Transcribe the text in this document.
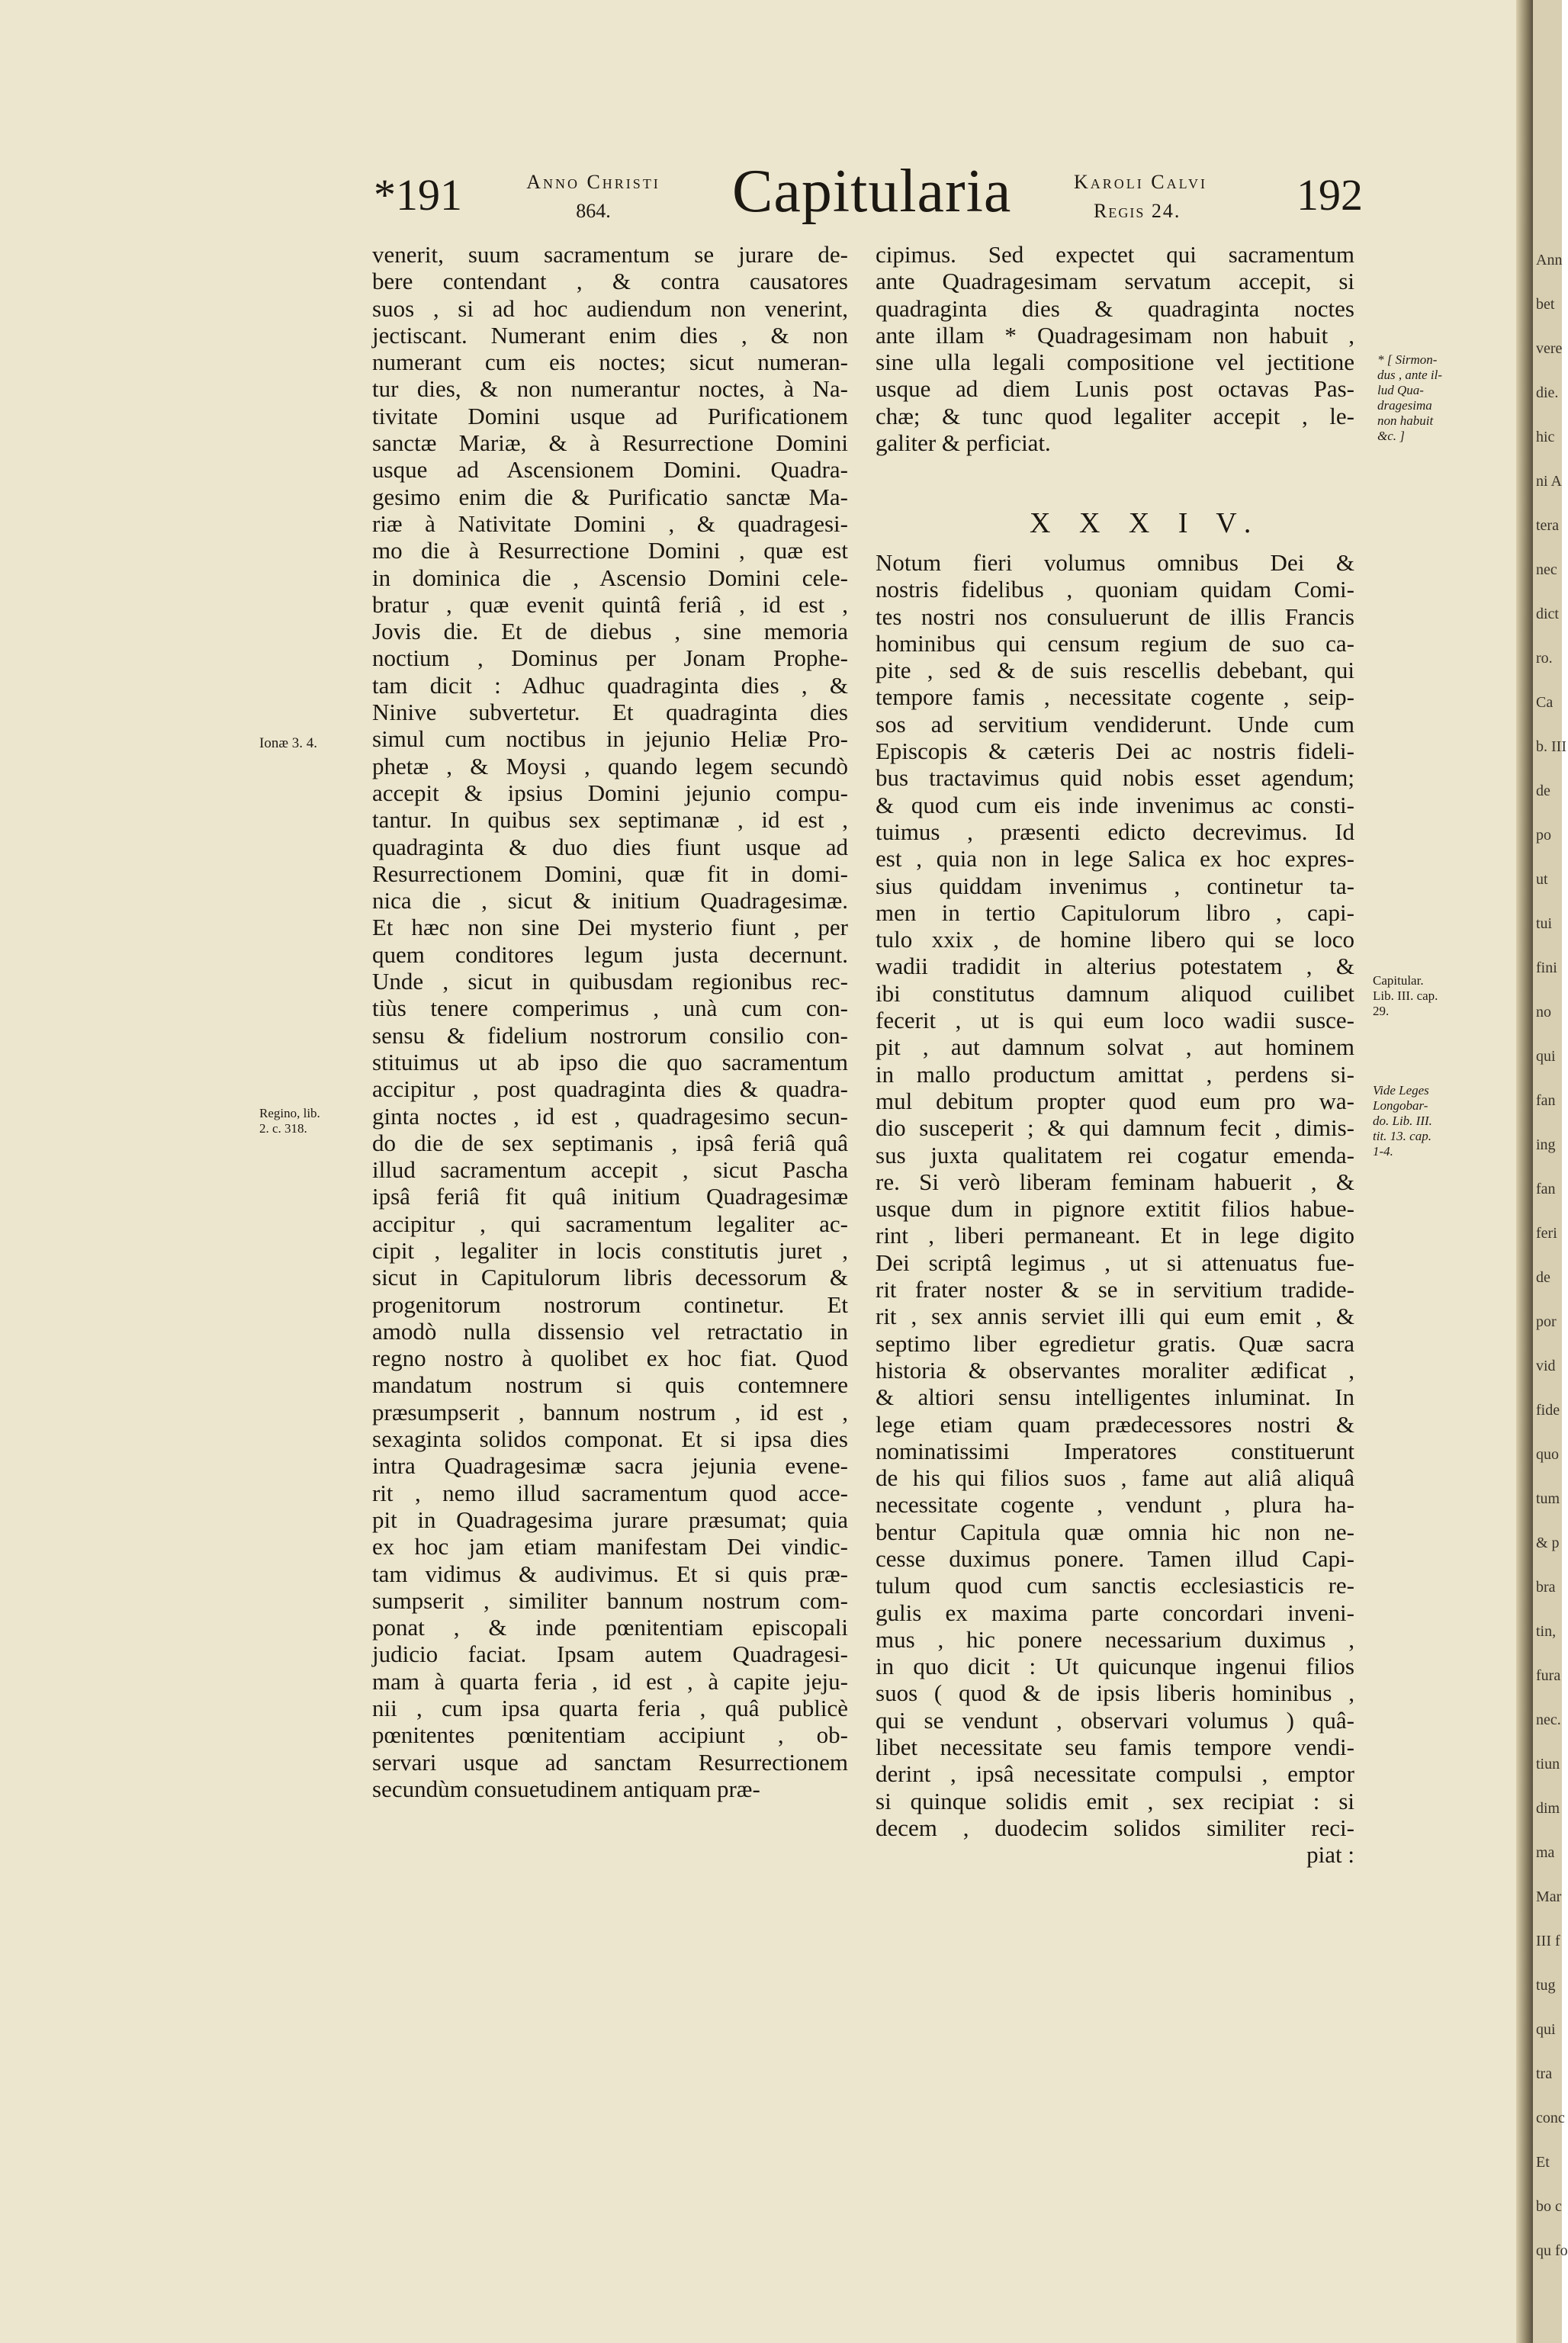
Ann
bet
vere
die.
hic
ni A
tera
nec
dict
ro.
Ca
b. III
de
po
ut
tui
fini
no
qui
fan
ing
fan
feri
de
por
vid
fide
quo
tum
& p
bra
tin,
fura
nec.
tiun
dim
ma
Mar
III f
tug
qui
tra
conc
Et
bo c
qu fo
*191	Anno Christi
864.	Capitularia	Karoli Calvi
Regis 24.	192
venerit, suum sacramentum se jurare de-
bere contendant , & contra causatores
suos , si ad hoc audiendum non venerint,
jectiscant. Numerant enim dies , & non
numerant cum eis noctes; sicut numeran-
tur dies, & non numerantur noctes, à Na-
tivitate Domini usque ad Purificationem
sanctæ Mariæ, & à Resurrectione Domini
usque ad Ascensionem Domini. Quadra-
gesimo enim die & Purificatio sanctæ Ma-
riæ à Nativitate Domini , & quadragesi-
mo die à Resurrectione Domini , quæ est
in dominica die , Ascensio Domini cele-
bratur , quæ evenit quintâ feriâ , id est ,
Jovis die. Et de diebus , sine memoria
noctium , Dominus per Jonam Prophe-
tam dicit : Adhuc quadraginta dies , &
Ninive subvertetur. Et quadraginta dies
simul cum noctibus in jejunio Heliæ Pro-
phetæ , & Moysi , quando legem secundò
accepit & ipsius Domini jejunio compu-
tantur. In quibus sex septimanæ , id est ,
quadraginta & duo dies fiunt usque ad
Resurrectionem Domini, quæ fit in domi-
nica die , sicut & initium Quadragesimæ.
Et hæc non sine Dei mysterio fiunt , per
quem conditores legum justa decernunt.
Unde , sicut in quibusdam regionibus rec-
tiùs tenere comperimus , unà cum con-
sensu & fidelium nostrorum consilio con-
stituimus ut ab ipso die quo sacramentum
accipitur , post quadraginta dies & quadra-
ginta noctes , id est , quadragesimo secun-
do die de sex septimanis , ipsâ feriâ quâ
illud sacramentum accepit , sicut Pascha
ipsâ feriâ fit quâ initium Quadragesimæ
accipitur , qui sacramentum legaliter ac-
cipit , legaliter in locis constitutis juret ,
sicut in Capitulorum libris decessorum &
progenitorum nostrorum continetur. Et
amodò nulla dissensio vel retractatio in
regno nostro à quolibet ex hoc fiat. Quod
mandatum nostrum si quis contemnere
præsumpserit , bannum nostrum , id est ,
sexaginta solidos componat. Et si ipsa dies
intra Quadragesimæ sacra jejunia evene-
rit , nemo illud sacramentum quod acce-
pit in Quadragesima jurare præsumat; quia
ex hoc jam etiam manifestam Dei vindic-
tam vidimus & audivimus. Et si quis præ-
sumpserit , similiter bannum nostrum com-
ponat , & inde pœnitentiam episcopali
judicio faciat. Ipsam autem Quadragesi-
mam à quarta feria , id est , à capite jeju-
nii , cum ipsa quarta feria , quâ publicè
pœnitentes pœnitentiam accipiunt , ob-
servari usque ad sanctam Resurrectionem
secundùm consuetudinem antiquam præ-
cipimus. Sed expectet qui sacramentum
ante Quadragesimam servatum accepit, si
quadraginta dies & quadraginta noctes
ante illam * Quadragesimam non habuit ,
sine ulla legali compositione vel jectitione
usque ad diem Lunis post octavas Pas-
chæ; & tunc quod legaliter accepit , le-
galiter & perficiat.
X X X I V.
Notum fieri volumus omnibus Dei &
nostris fidelibus , quoniam quidam Comi-
tes nostri nos consuluerunt de illis Francis
hominibus qui censum regium de suo ca-
pite , sed & de suis rescellis debebant, qui
tempore famis , necessitate cogente , seip-
sos ad servitium vendiderunt. Unde cum
Episcopis & cæteris Dei ac nostris fideli-
bus tractavimus quid nobis esset agendum;
& quod cum eis inde invenimus ac consti-
tuimus , præsenti edicto decrevimus. Id
est , quia non in lege Salica ex hoc expres-
sius quiddam invenimus , continetur ta-
men in tertio Capitulorum libro , capi-
tulo xxix , de homine libero qui se loco
wadii tradidit in alterius potestatem , &
ibi constitutus damnum aliquod cuilibet
fecerit , ut is qui eum loco wadii susce-
pit , aut damnum solvat , aut hominem
in mallo productum amittat , perdens si-
mul debitum propter quod eum pro wa-
dio susceperit ; & qui damnum fecit , dimis-
sus juxta qualitatem rei cogatur emenda-
re. Si verò liberam feminam habuerit , &
usque dum in pignore extitit filios habue-
rint , liberi permaneant. Et in lege digito
Dei scriptâ legimus , ut si attenuatus fue-
rit frater noster & se in servitium tradide-
rit , sex annis serviet illi qui eum emit , &
septimo liber egredietur gratis. Quæ sacra
historia & observantes moraliter ædificat ,
& altiori sensu intelligentes inluminat. In
lege etiam quam prædecessores nostri &
nominatissimi Imperatores constituerunt
de his qui filios suos , fame aut aliâ aliquâ
necessitate cogente , vendunt , plura ha-
bentur Capitula quæ omnia hic non ne-
cesse duximus ponere. Tamen illud Capi-
tulum quod cum sanctis ecclesiasticis re-
gulis ex maxima parte concordari inveni-
mus , hic ponere necessarium duximus ,
in quo dicit : Ut quicunque ingenui filios
suos ( quod & de ipsis liberis hominibus ,
qui se vendunt , observari volumus ) quâ-
libet necessitate seu famis tempore vendi-
derint , ipsâ necessitate compulsi , emptor
si quinque solidis emit , sex recipiat : si
decem , duodecim solidos similiter reci-
piat :
Ionæ 3. 4.
Regino, lib.
2. c. 318.
* [ Sirmon-
dus , ante il-
lud Qua-
dragesima
non habuit
&c. ]
Capitular.
Lib. III. cap.
29.
Vide Leges
Longobar-
do. Lib. III.
tit. 13. cap.
1-4.
